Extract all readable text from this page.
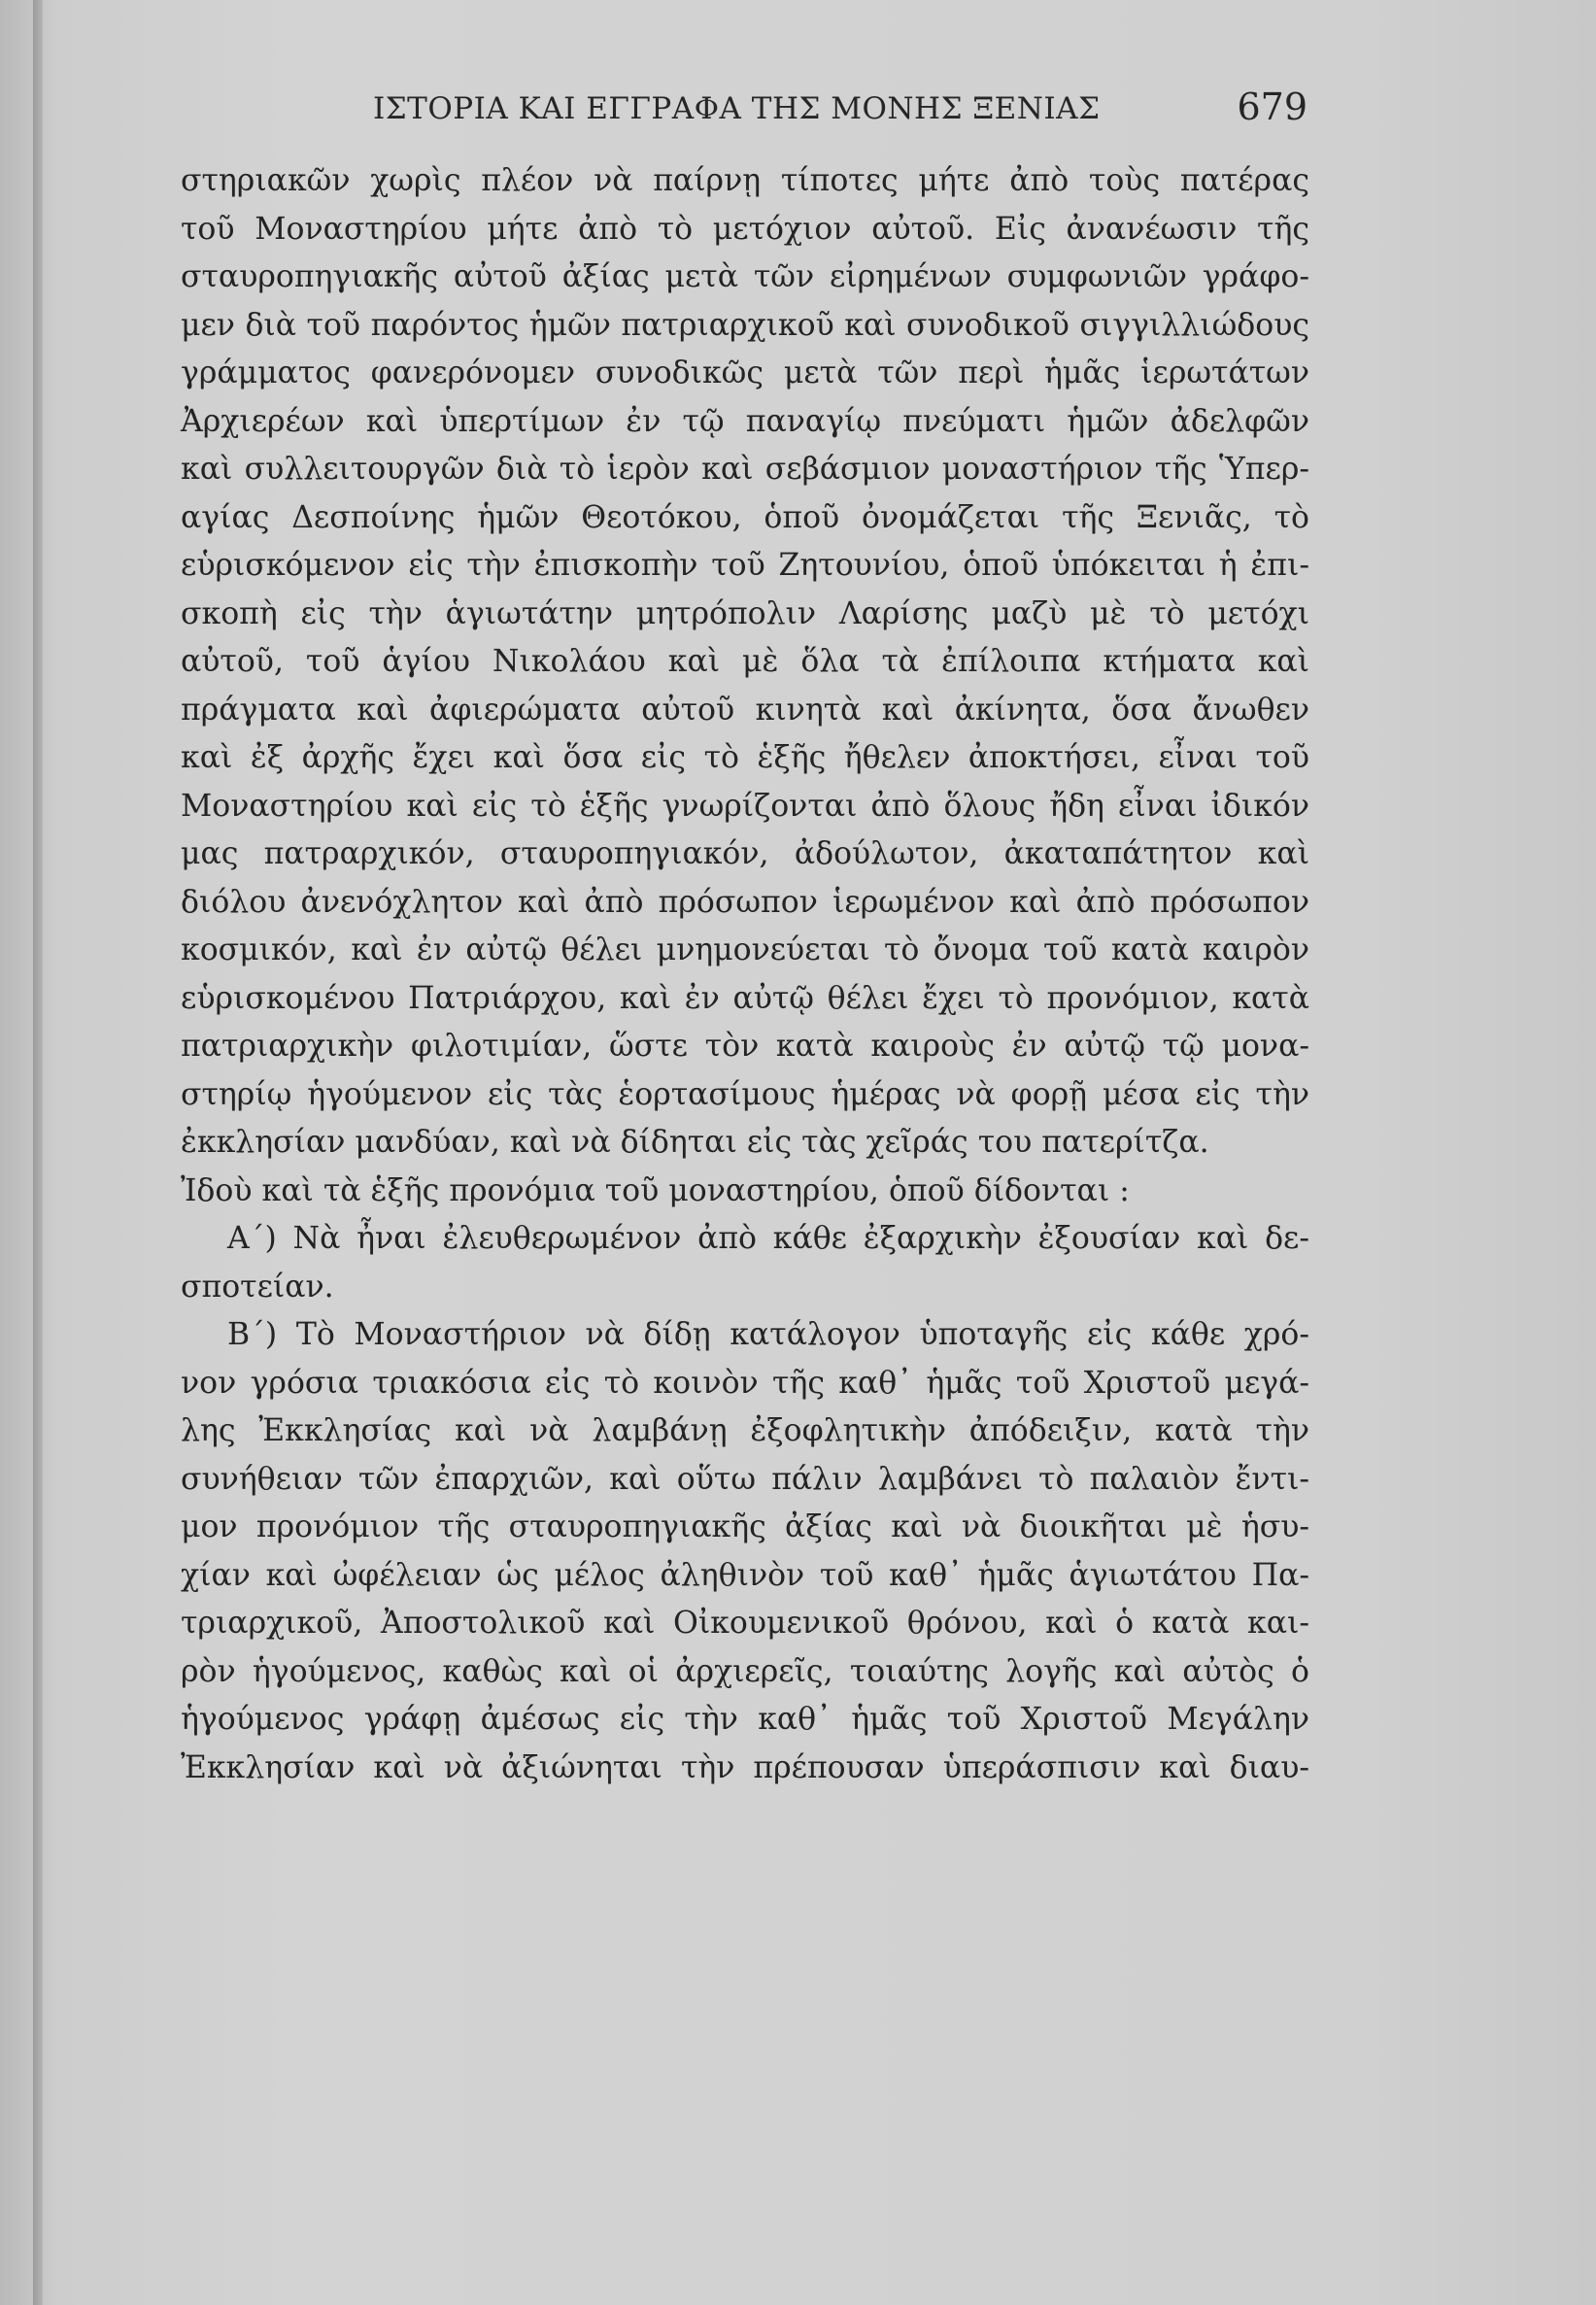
ΙΣΤΟΡΙΑ ΚΑΙ ΕΓΓΡΑΦΑ ΤΗΣ ΜΟΝΗΣ ΞΕΝΙΑΣ	679
στηριακῶν χωρὶς πλέον νὰ παίρνῃ τίποτες μήτε ἀπὸ τοὺς πατέρας
τοῦ Μοναστηρίου μήτε ἀπὸ τὸ μετόχιον αὐτοῦ. Εἰς ἀνανέωσιν τῆς
σταυροπηγιακῆς αὐτοῦ ἀξίας μετὰ τῶν εἰρημένων συμφωνιῶν γράφο-
μεν διὰ τοῦ παρόντος ἡμῶν πατριαρχικοῦ καὶ συνοδικοῦ σιγγιλλιώδους
γράμματος φανερόνομεν συνοδικῶς μετὰ τῶν περὶ ἡμᾶς ἱερωτάτων
Ἀρχιερέων καὶ ὑπερτίμων ἐν τῷ παναγίῳ πνεύματι ἡμῶν ἀδελφῶν
καὶ συλλειτουργῶν διὰ τὸ ἱερὸν καὶ σεβάσμιον μοναστήριον τῆς Ὑπερ-
αγίας Δεσποίνης ἡμῶν Θεοτόκου, ὁποῦ ὀνομάζεται τῆς Ξενιᾶς, τὸ
εὑρισκόμενον εἰς τὴν ἐπισκοπὴν τοῦ Ζητουνίου, ὁποῦ ὑπόκειται ἡ ἐπι-
σκοπὴ εἰς τὴν ἁγιωτάτην μητρόπολιν Λαρίσης μαζὺ μὲ τὸ μετόχι
αὐτοῦ, τοῦ ἁγίου Νικολάου καὶ μὲ ὅλα τὰ ἐπίλοιπα κτήματα καὶ
πράγματα καὶ ἀφιερώματα αὐτοῦ κινητὰ καὶ ἀκίνητα, ὅσα ἄνωθεν
καὶ ἐξ ἀρχῆς ἔχει καὶ ὅσα εἰς τὸ ἑξῆς ἤθελεν ἀποκτήσει, εἶναι τοῦ
Μοναστηρίου καὶ εἰς τὸ ἑξῆς γνωρίζονται ἀπὸ ὅλους ἤδη εἶναι ἰδικόν
μας πατραρχικόν, σταυροπηγιακόν, ἀδούλωτον, ἀκαταπάτητον καὶ
διόλου ἀνενόχλητον καὶ ἀπὸ πρόσωπον ἱερωμένον καὶ ἀπὸ πρόσωπον
κοσμικόν, καὶ ἐν αὐτῷ θέλει μνημονεύεται τὸ ὄνομα τοῦ κατὰ καιρὸν
εὑρισκομένου Πατριάρχου, καὶ ἐν αὐτῷ θέλει ἔχει τὸ προνόμιον, κατὰ
πατριαρχικὴν φιλοτιμίαν, ὥστε τὸν κατὰ καιροὺς ἐν αὐτῷ τῷ μονα-
στηρίῳ ἡγούμενον εἰς τὰς ἑορτασίμους ἡμέρας νὰ φορῇ μέσα εἰς τὴν
ἐκκλησίαν μανδύαν, καὶ νὰ δίδηται εἰς τὰς χεῖράς του πατερίτζα.
Ἰδοὺ καὶ τὰ ἑξῆς προνόμια τοῦ μοναστηρίου, ὁποῦ δίδονται :
Α΄) Νὰ ἦναι ἐλευθερωμένον ἀπὸ κάθε ἐξαρχικὴν ἐξουσίαν καὶ δε-
σποτείαν.
Β΄) Τὸ Μοναστήριον νὰ δίδῃ κατάλογον ὑποταγῆς εἰς κάθε χρό-
νον γρόσια τριακόσια εἰς τὸ κοινὸν τῆς καθ᾽ ἡμᾶς τοῦ Χριστοῦ μεγά-
λης Ἐκκλησίας καὶ νὰ λαμβάνῃ ἐξοφλητικὴν ἀπόδειξιν, κατὰ τὴν
συνήθειαν τῶν ἐπαρχιῶν, καὶ οὕτω πάλιν λαμβάνει τὸ παλαιὸν ἔντι-
μον προνόμιον τῆς σταυροπηγιακῆς ἀξίας καὶ νὰ διοικῆται μὲ ἡσυ-
χίαν καὶ ὠφέλειαν ὡς μέλος ἀληθινὸν τοῦ καθ᾽ ἡμᾶς ἁγιωτάτου Πα-
τριαρχικοῦ, Ἀποστολικοῦ καὶ Οἰκουμενικοῦ θρόνου, καὶ ὁ κατὰ και-
ρὸν ἡγούμενος, καθὼς καὶ οἱ ἀρχιερεῖς, τοιαύτης λογῆς καὶ αὐτὸς ὁ
ἡγούμενος γράφῃ ἀμέσως εἰς τὴν καθ᾽ ἡμᾶς τοῦ Χριστοῦ Μεγάλην
Ἐκκλησίαν καὶ νὰ ἀξιώνηται τὴν πρέπουσαν ὑπεράσπισιν καὶ διαυ-
